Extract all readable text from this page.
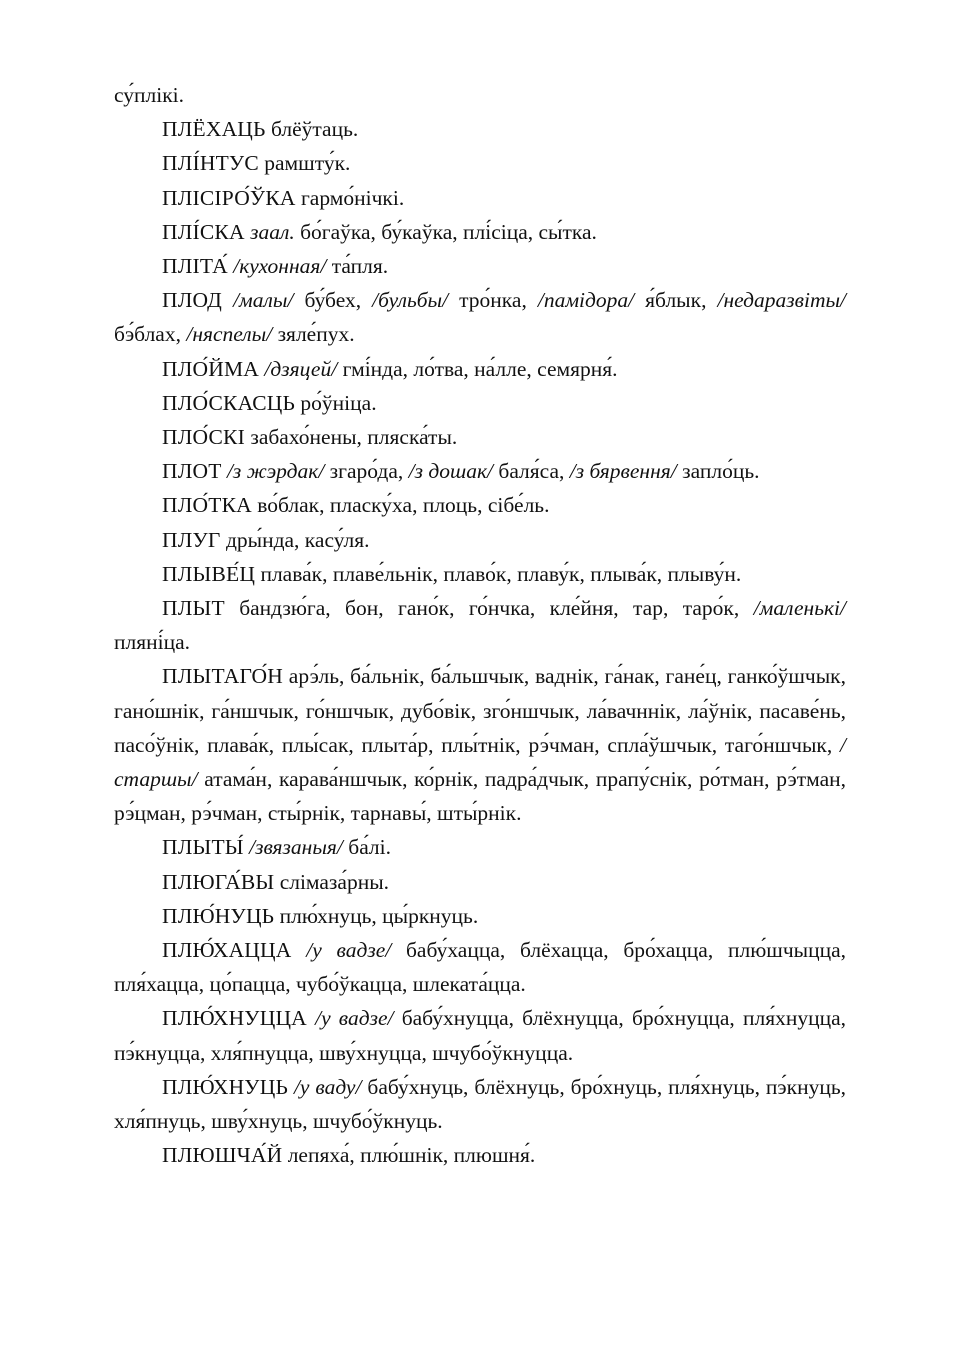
су́плікі.

ПЛЁХАЦЬ блёўтаць.

ПЛІ́НТУС рамшту́к.

ПЛІСІРО́ЎКА гармо́нічкі.

ПЛІ́СКА заал. бо́гаўка, бу́каўка, плі́сіца, сы́тка.

ПЛІТА́ /кухонная/ та́пля.

ПЛОД /малы/ бу́бех, /бульбы/ тро́нка, /памідора/ я́блык, /недаразвіты/ бэ́блах, /няспелы/ зяле́пух.

ПЛО́ЙМА /дзяцей/ гмі́нда, ло́тва, на́лле, семярня́.

ПЛО́СКАСЦЬ ро́ўніца.

ПЛО́СКІ забахо́нены, пляска́ты.

ПЛОТ /з жэрдак/ згаро́да, /з дошак/ баля́са, /з бярвення/ запло́ць.

ПЛО́ТКА во́блак, пласку́ха, плоць, сібе́ль.

ПЛУГ дры́нда, касу́ля.

ПЛЫВЕ́Ц плава́к, плаве́льнік, плаво́к, плаву́к, плыва́к, плыву́н.

ПЛЫТ бандзю́га, бон, гано́к, го́нчка, кле́йня, тар, таро́к, /маленькі/ пляні́ца.

ПЛЫТАГО́Н арэ́ль, ба́льнік, ба́льшчык, ваднік, га́нак, гане́ц, ганко́ўшчык, гано́шнік, га́ншчык, го́ншчык, дубо́вік, зго́ншчык, ла́вачннік, ла́ўнік, пасаве́нь, пасо́ўнік, плава́к, плы́сак, плыта́р, плы́тнік, рэ́чман, спла́ўшчык, таго́ншчык, /старшы/ атама́н, карава́ншчык, ко́рнік, падра́дчык, прапу́снік, ро́тман, рэ́тман, рэ́цман, рэ́чман, сты́рнік, тарнавы́, шты́рнік.

ПЛЫТЫ́ /звязаныя/ ба́лі.

ПЛЮГА́ВЫ слімаза́рны.

ПЛЮ́НУЦЬ плю́хнуць, цы́ркнуць.

ПЛЮ́ХАЦЦА /у вадзе/ бабу́хацца, блёхацца, бро́хацца, плю́шчыцца, пля́хацца, цо́пацца, чубо́ўкацца, шлеката́цца.

ПЛЮ́ХНУЦЦА /у вадзе/ бабу́хнуцца, блёхнуцца, бро́хнуцца, пля́хнуцца, пэ́кнуцца, хля́пнуцца, шву́хнуцца, шчубо́ўкнуцца.

ПЛЮ́ХНУЦЬ /у ваду/ бабу́хнуць, блёхнуць, бро́хнуць, пля́хнуць, пэ́кнуць, хля́пнуць, шву́хнуць, шчубо́ўкнуць.

ПЛЮШЧА́Й лепяха́, плю́шнік, плюшня́.
